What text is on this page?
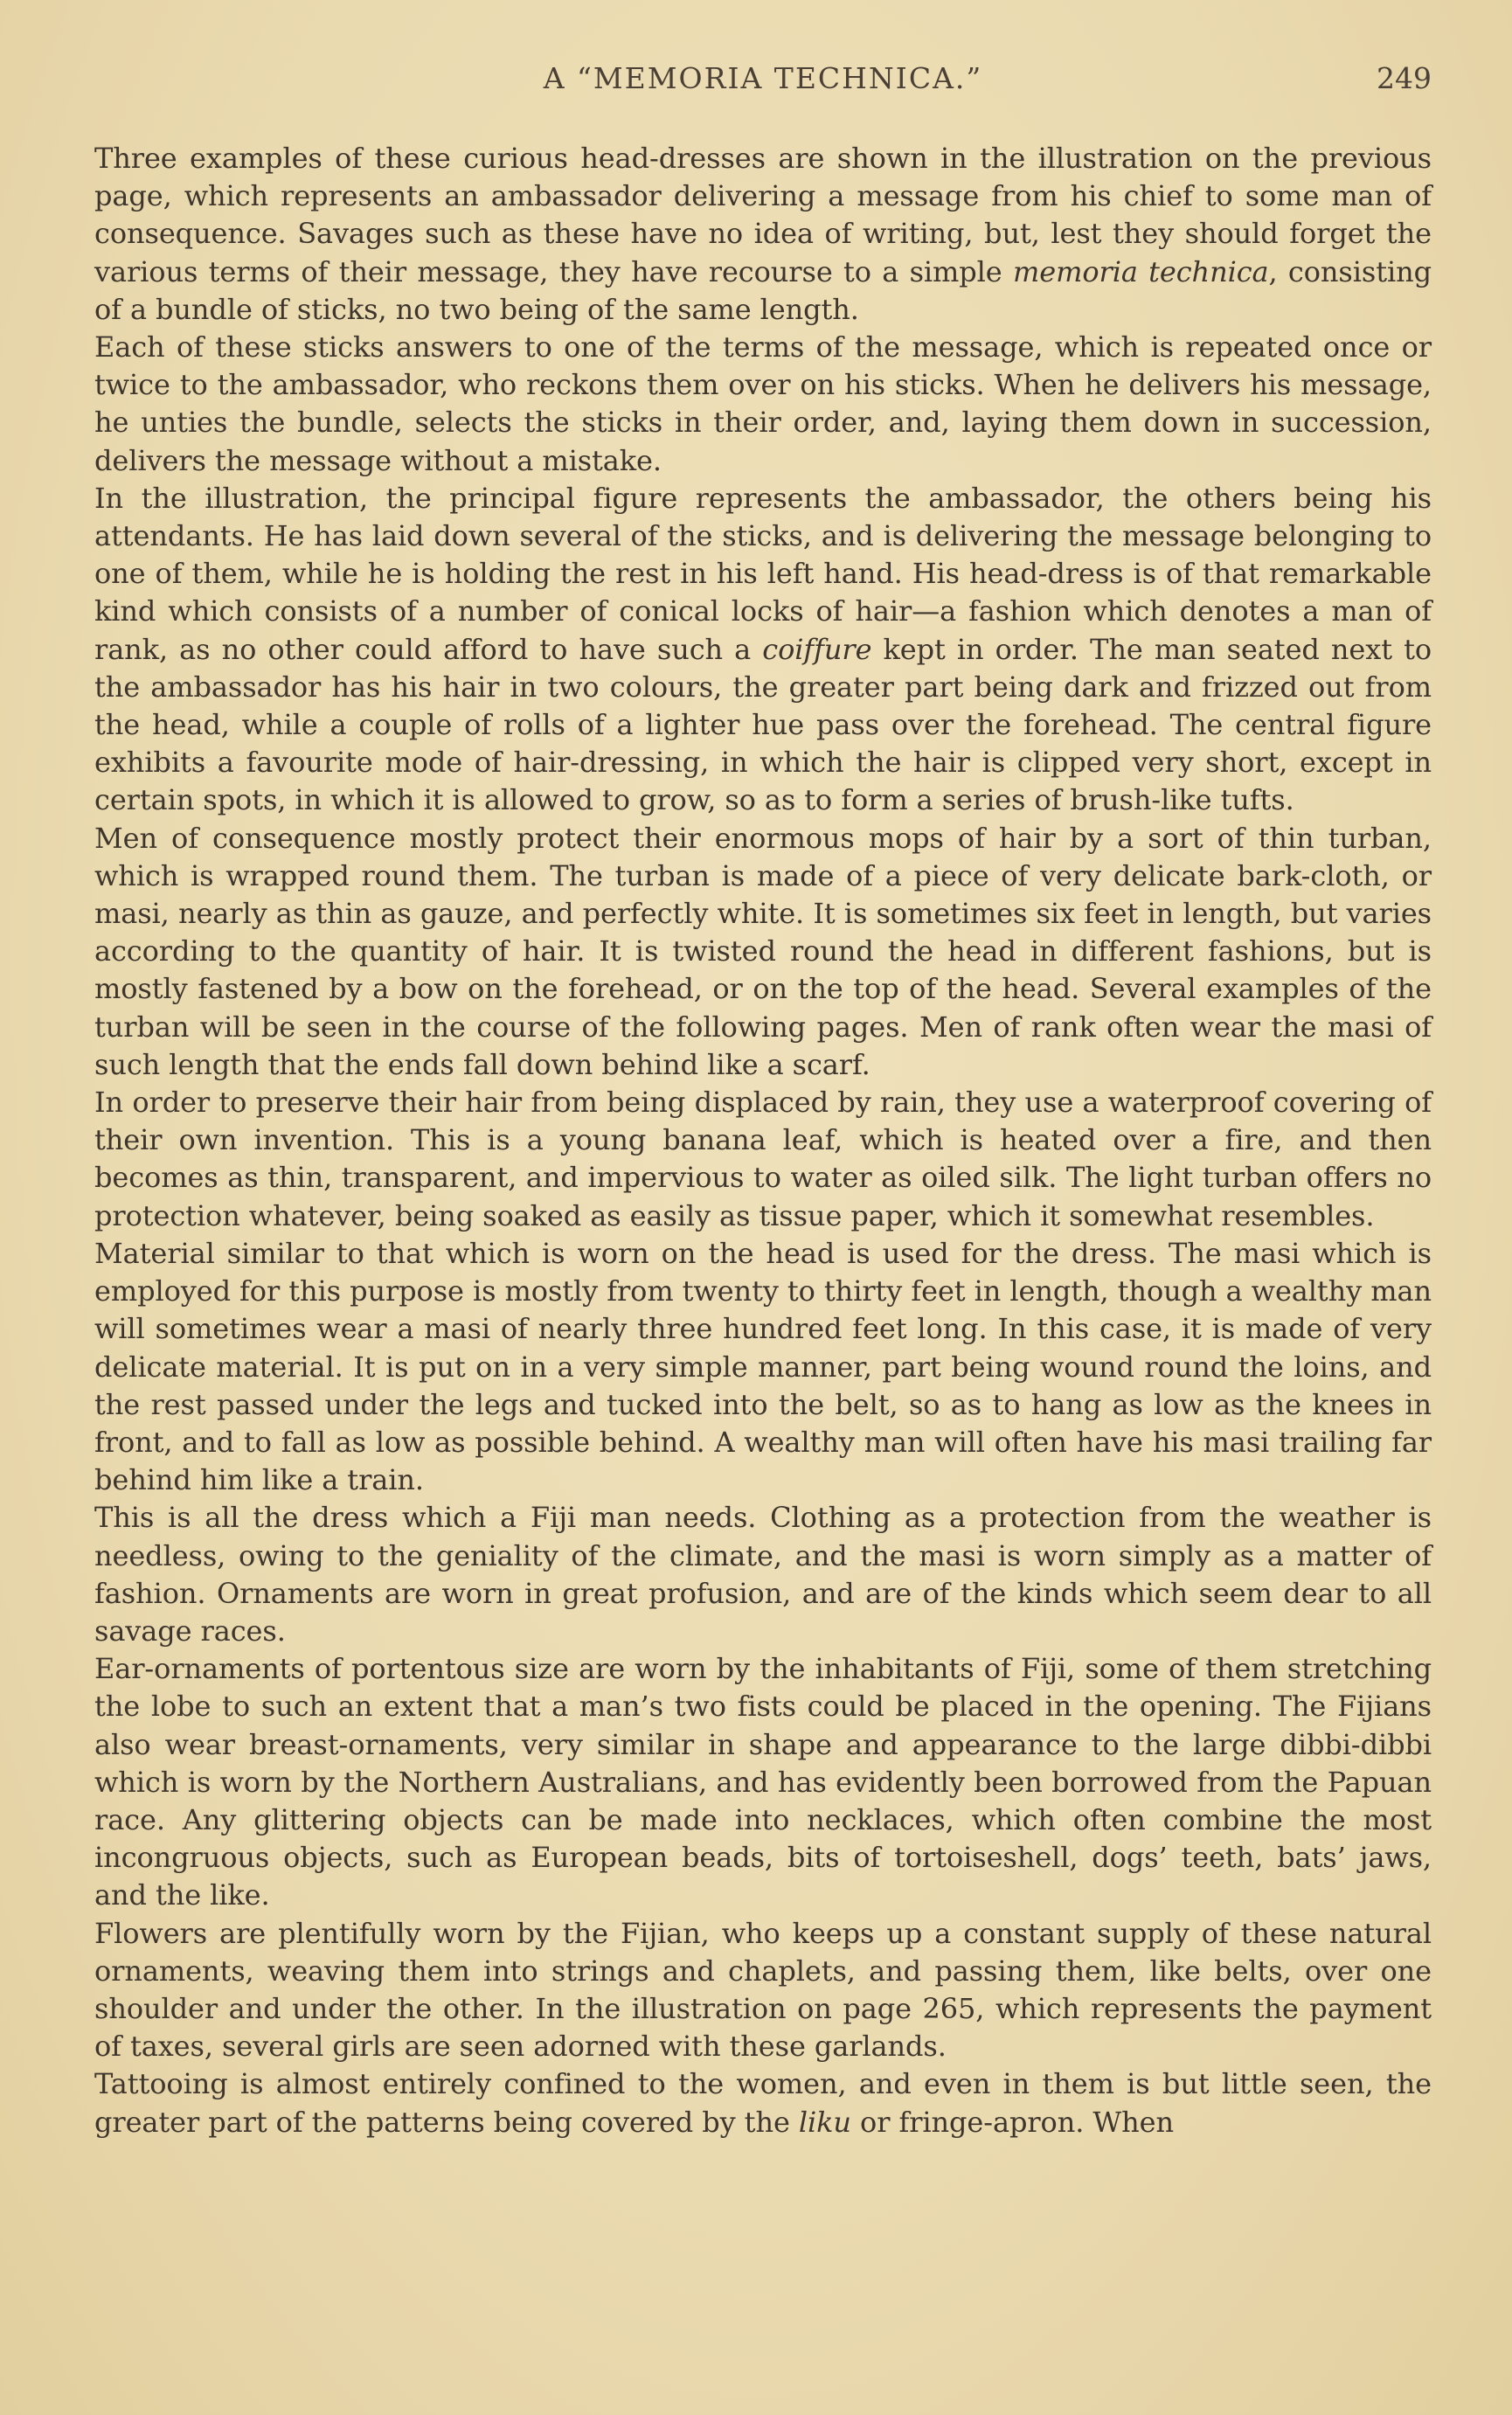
A “MEMORIA TECHNICA.”	249

Three examples of these curious head-dresses are shown in the illustration on the previous page, which represents an ambassador delivering a message from his chief to some man of consequence. Savages such as these have no idea of writing, but, lest they should forget the various terms of their message, they have recourse to a simple memoria technica, consisting of a bundle of sticks, no two being of the same length.

Each of these sticks answers to one of the terms of the message, which is repeated once or twice to the ambassador, who reckons them over on his sticks. When he delivers his message, he unties the bundle, selects the sticks in their order, and, laying them down in succession, delivers the message without a mistake.

In the illustration, the principal figure represents the ambassador, the others being his attendants. He has laid down several of the sticks, and is delivering the message belonging to one of them, while he is holding the rest in his left hand. His head-dress is of that remarkable kind which consists of a number of conical locks of hair—a fashion which denotes a man of rank, as no other could afford to have such a coiffure kept in order. The man seated next to the ambassador has his hair in two colours, the greater part being dark and frizzed out from the head, while a couple of rolls of a lighter hue pass over the forehead. The central figure exhibits a favourite mode of hair-dressing, in which the hair is clipped very short, except in certain spots, in which it is allowed to grow, so as to form a series of brush-like tufts.

Men of consequence mostly protect their enormous mops of hair by a sort of thin turban, which is wrapped round them. The turban is made of a piece of very delicate bark-cloth, or masi, nearly as thin as gauze, and perfectly white. It is sometimes six feet in length, but varies according to the quantity of hair. It is twisted round the head in different fashions, but is mostly fastened by a bow on the forehead, or on the top of the head. Several examples of the turban will be seen in the course of the following pages. Men of rank often wear the masi of such length that the ends fall down behind like a scarf.

In order to preserve their hair from being displaced by rain, they use a waterproof covering of their own invention. This is a young banana leaf, which is heated over a fire, and then becomes as thin, transparent, and impervious to water as oiled silk. The light turban offers no protection whatever, being soaked as easily as tissue paper, which it somewhat resembles.

Material similar to that which is worn on the head is used for the dress. The masi which is employed for this purpose is mostly from twenty to thirty feet in length, though a wealthy man will sometimes wear a masi of nearly three hundred feet long. In this case, it is made of very delicate material. It is put on in a very simple manner, part being wound round the loins, and the rest passed under the legs and tucked into the belt, so as to hang as low as the knees in front, and to fall as low as possible behind. A wealthy man will often have his masi trailing far behind him like a train.

This is all the dress which a Fiji man needs. Clothing as a protection from the weather is needless, owing to the geniality of the climate, and the masi is worn simply as a matter of fashion. Ornaments are worn in great profusion, and are of the kinds which seem dear to all savage races.

Ear-ornaments of portentous size are worn by the inhabitants of Fiji, some of them stretching the lobe to such an extent that a man’s two fists could be placed in the opening. The Fijians also wear breast-ornaments, very similar in shape and appearance to the large dibbi-dibbi which is worn by the Northern Australians, and has evidently been borrowed from the Papuan race. Any glittering objects can be made into necklaces, which often combine the most incongruous objects, such as European beads, bits of tortoiseshell, dogs’ teeth, bats’ jaws, and the like.

Flowers are plentifully worn by the Fijian, who keeps up a constant supply of these natural ornaments, weaving them into strings and chaplets, and passing them, like belts, over one shoulder and under the other. In the illustration on page 265, which represents the payment of taxes, several girls are seen adorned with these garlands.

Tattooing is almost entirely confined to the women, and even in them is but little seen, the greater part of the patterns being covered by the liku or fringe-apron. When
